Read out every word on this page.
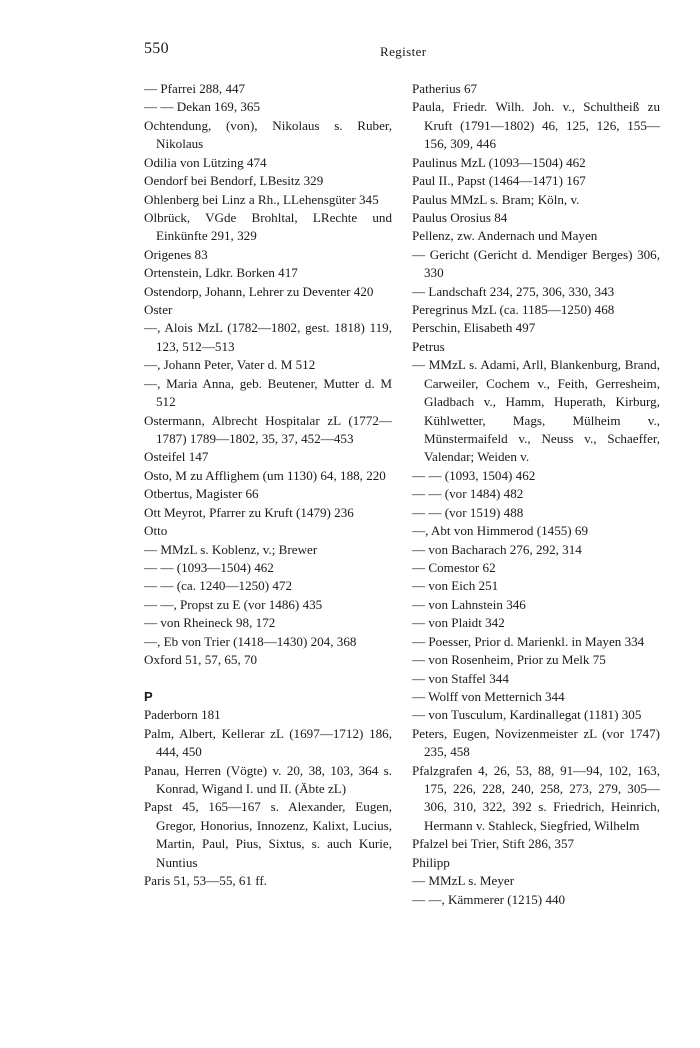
550	Register

— Pfarrei 288, 447

— — Dekan 169, 365

Ochtendung, (von), Nikolaus s. Ruber, Nikolaus

Odilia von Lützing 474

Oendorf bei Bendorf, LBesitz 329

Ohlenberg bei Linz a Rh., LLehensgüter 345

Olbrück, VGde Brohltal, LRechte und Einkünfte 291, 329

Origenes 83

Ortenstein, Ldkr. Borken 417

Ostendorp, Johann, Lehrer zu Deventer 420

Oster

—, Alois MzL (1782—1802, gest. 1818) 119, 123, 512—513

—, Johann Peter, Vater d. M 512

—, Maria Anna, geb. Beutener, Mutter d. M 512

Ostermann, Albrecht Hospitalar zL (1772—1787) 1789—1802, 35, 37, 452—453

Osteifel 147

Osto, M zu Afflighem (um 1130) 64, 188, 220

Otbertus, Magister 66

Ott Meyrot, Pfarrer zu Kruft (1479) 236

Otto

— MMzL s. Koblenz, v.; Brewer

— — (1093—1504) 462

— — (ca. 1240—1250) 472

— —, Propst zu E (vor 1486) 435

— von Rheineck 98, 172

—, Eb von Trier (1418—1430) 204, 368

Oxford 51, 57, 65, 70

P

Paderborn 181

Palm, Albert, Kellerar zL (1697—1712) 186, 444, 450

Panau, Herren (Vögte) v. 20, 38, 103, 364 s. Konrad, Wigand I. und II. (Äbte zL)

Papst 45, 165—167 s. Alexander, Eugen, Gregor, Honorius, Innozenz, Kalixt, Lucius, Martin, Paul, Pius, Sixtus, s. auch Kurie, Nuntius

Paris 51, 53—55, 61 ff.

Patherius 67

Paula, Friedr. Wilh. Joh. v., Schultheiß zu Kruft (1791—1802) 46, 125, 126, 155—156, 309, 446

Paulinus MzL (1093—1504) 462

Paul II., Papst (1464—1471) 167

Paulus MMzL s. Bram; Köln, v.

Paulus Orosius 84

Pellenz, zw. Andernach und Mayen

— Gericht (Gericht d. Mendiger Berges) 306, 330

— Landschaft 234, 275, 306, 330, 343

Peregrinus MzL (ca. 1185—1250) 468

Perschin, Elisabeth 497

Petrus

— MMzL s. Adami, Arll, Blankenburg, Brand, Carweiler, Cochem v., Feith, Gerresheim, Gladbach v., Hamm, Huperath, Kirburg, Kühlwetter, Mags, Mülheim v., Münstermaifeld v., Neuss v., Schaeffer, Valendar; Weiden v.

— — (1093, 1504) 462

— — (vor 1484) 482

— — (vor 1519) 488

—, Abt von Himmerod (1455) 69

— von Bacharach 276, 292, 314

— Comestor 62

— von Eich 251

— von Lahnstein 346

— von Plaidt 342

— Poesser, Prior d. Marienkl. in Mayen 334

— von Rosenheim, Prior zu Melk 75

— von Staffel 344

— Wolff von Metternich 344

— von Tusculum, Kardinallegat (1181) 305

Peters, Eugen, Novizenmeister zL (vor 1747) 235, 458

Pfalzgrafen 4, 26, 53, 88, 91—94, 102, 163, 175, 226, 228, 240, 258, 273, 279, 305—306, 310, 322, 392 s. Friedrich, Heinrich, Hermann v. Stahleck, Siegfried, Wilhelm

Pfalzel bei Trier, Stift 286, 357

Philipp

— MMzL s. Meyer

— —, Kämmerer (1215) 440
